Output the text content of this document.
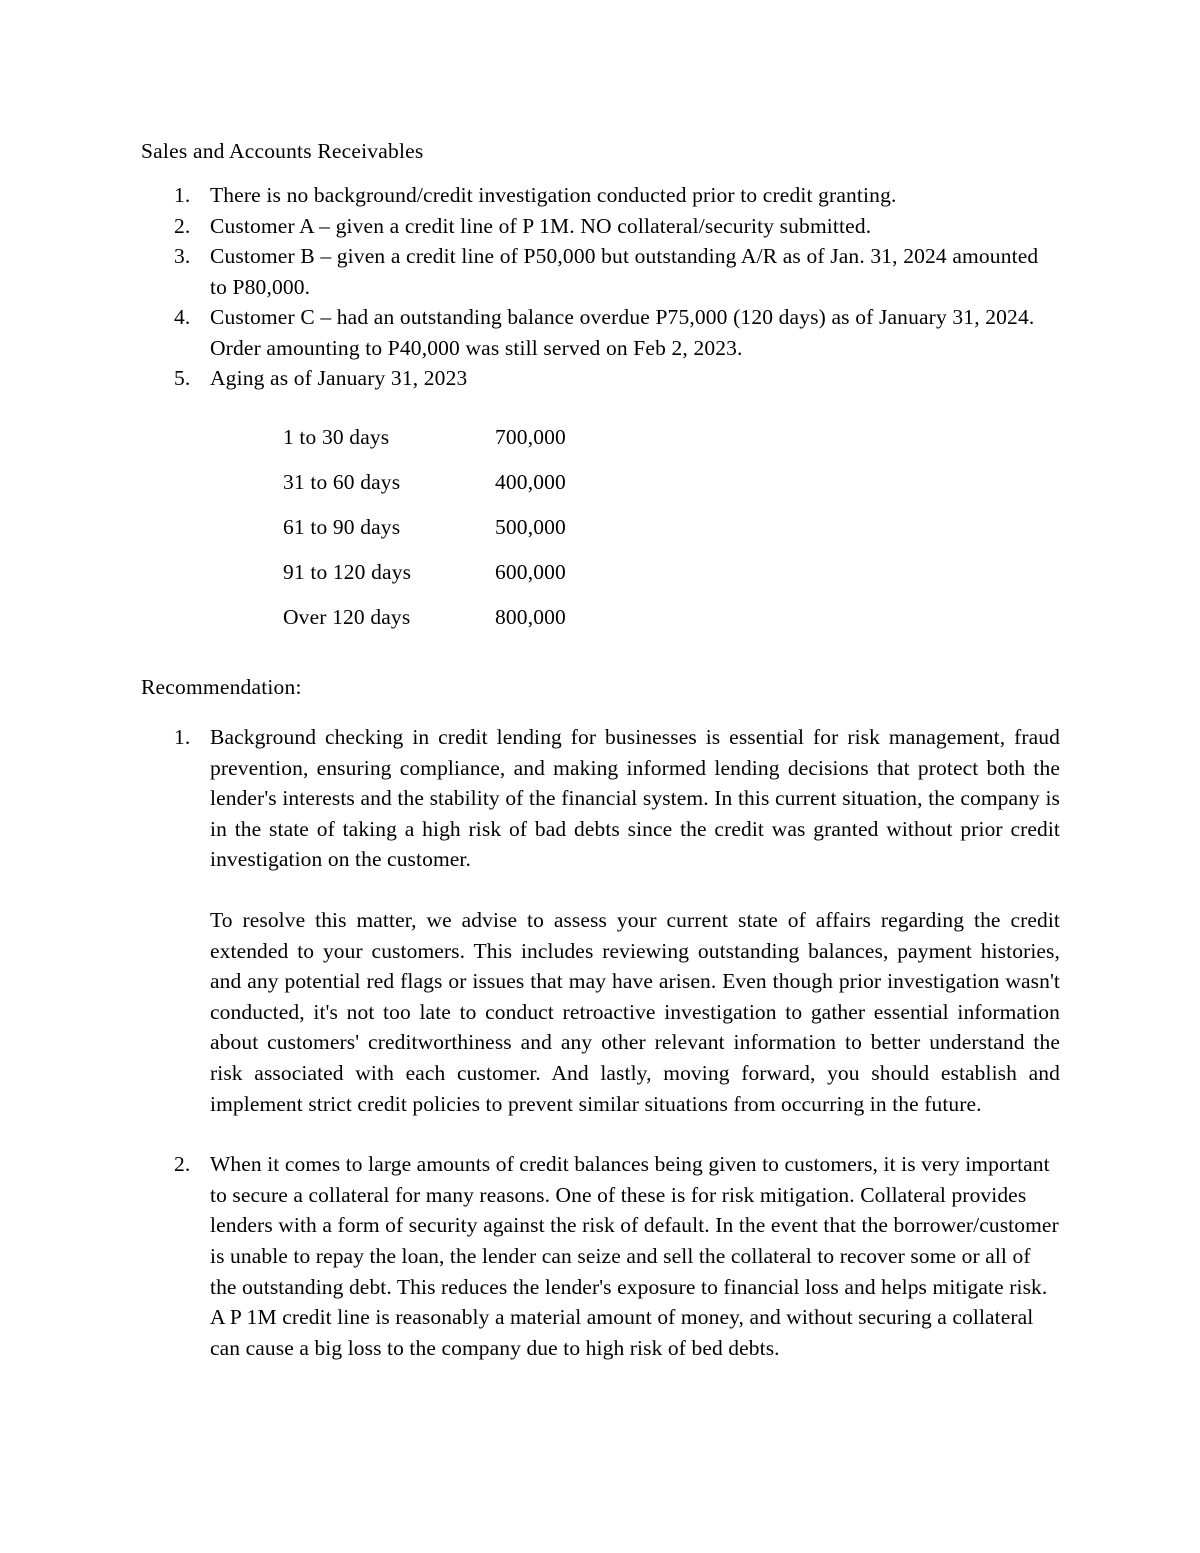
Sales and Accounts Receivables
1. There is no background/credit investigation conducted prior to credit granting.
2. Customer A – given a credit line of P 1M. NO collateral/security submitted.
3. Customer B – given a credit line of P50,000 but outstanding A/R as of Jan. 31, 2024 amounted to P80,000.
4. Customer C – had an outstanding balance overdue P75,000 (120 days) as of January 31, 2024. Order amounting to P40,000 was still served on Feb 2, 2023.
5. Aging as of January 31, 2023
1 to 30 days	700,000
31 to 60 days	400,000
61 to 90 days	500,000
91 to 120 days	600,000
Over 120 days	800,000
Recommendation:
1. Background checking in credit lending for businesses is essential for risk management, fraud prevention, ensuring compliance, and making informed lending decisions that protect both the lender's interests and the stability of the financial system. In this current situation, the company is in the state of taking a high risk of bad debts since the credit was granted without prior credit investigation on the customer.

To resolve this matter, we advise to assess your current state of affairs regarding the credit extended to your customers. This includes reviewing outstanding balances, payment histories, and any potential red flags or issues that may have arisen. Even though prior investigation wasn't conducted, it's not too late to conduct retroactive investigation to gather essential information about customers' creditworthiness and any other relevant information to better understand the risk associated with each customer. And lastly, moving forward, you should establish and implement strict credit policies to prevent similar situations from occurring in the future.

2. When it comes to large amounts of credit balances being given to customers, it is very important to secure a collateral for many reasons. One of these is for risk mitigation. Collateral provides lenders with a form of security against the risk of default. In the event that the borrower/customer is unable to repay the loan, the lender can seize and sell the collateral to recover some or all of the outstanding debt. This reduces the lender's exposure to financial loss and helps mitigate risk. A P 1M credit line is reasonably a material amount of money, and without securing a collateral can cause a big loss to the company due to high risk of bed debts.
